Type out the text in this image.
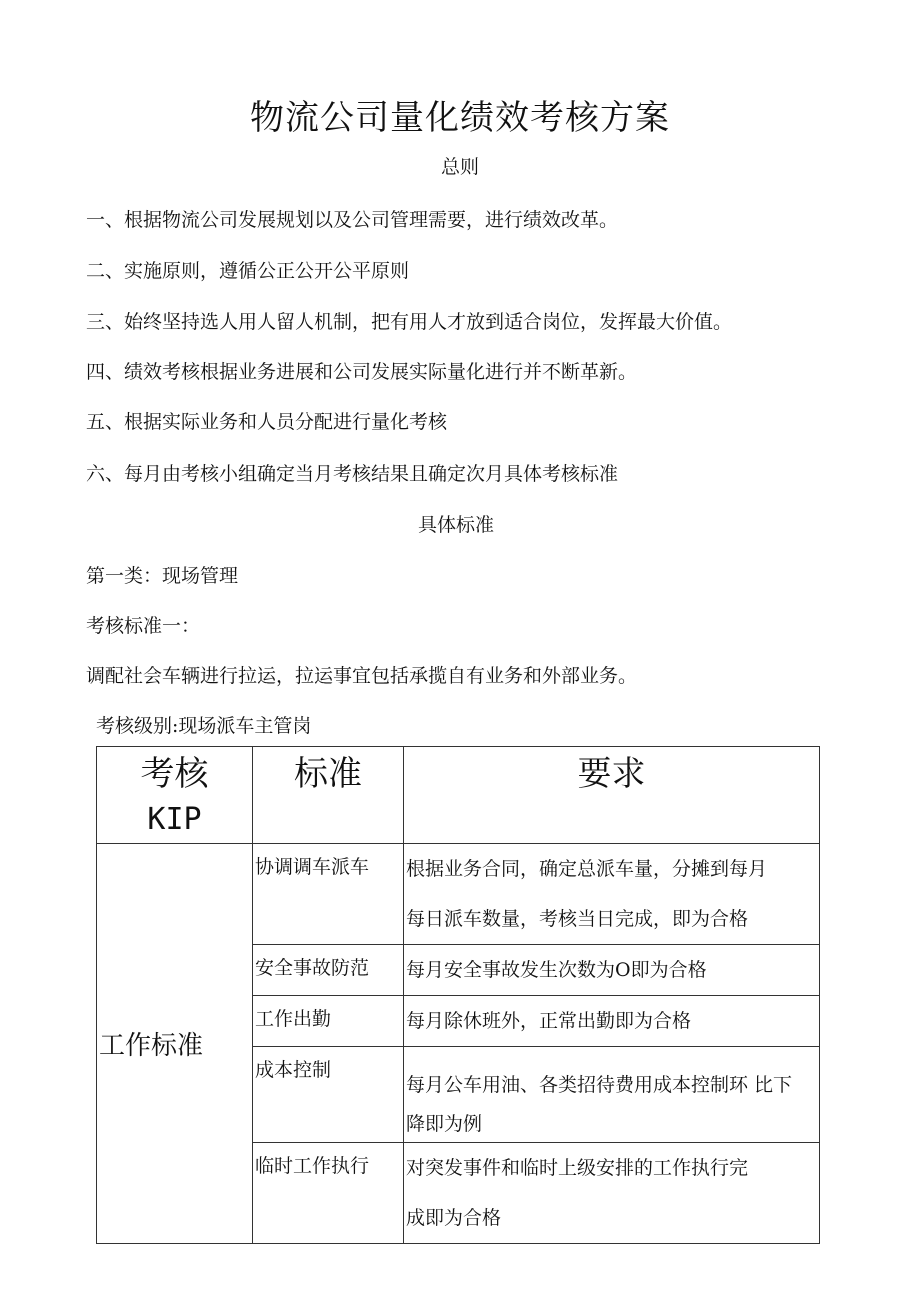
物流公司量化绩效考核方案
总则

一、根据物流公司发展规划以及公司管理需要，进行绩效改革。

二、实施原则，遵循公正公开公平原则

三、始终坚持选人用人留人机制，把有用人才放到适合岗位，发挥最大价值。

四、绩效考核根据业务进展和公司发展实际量化进行并不断革新。

五、根据实际业务和人员分配进行量化考核

六、每月由考核小组确定当月考核结果且确定次月具体考核标准

具体标准

第一类：现场管理

考核标准一：

调配社会车辆进行拉运，拉运事宜包括承揽自有业务和外部业务。

考核级别:现场派车主管岗

考核
KIP	标准	要求

工作标准	协调调车派车	根据业务合同，确定总派车量，分摊到每月
每日派车数量，考核当日完成，即为合格

	安全事故防范	每月安全事故发生次数为O即为合格

	工作出勤	每月除休班外，正常出勤即为合格

	成本控制	每月公车用油、各类招待费用成本控制环 比下
降即为例

	临时工作执行	对突发事件和临时上级安排的工作执行完
成即为合格
